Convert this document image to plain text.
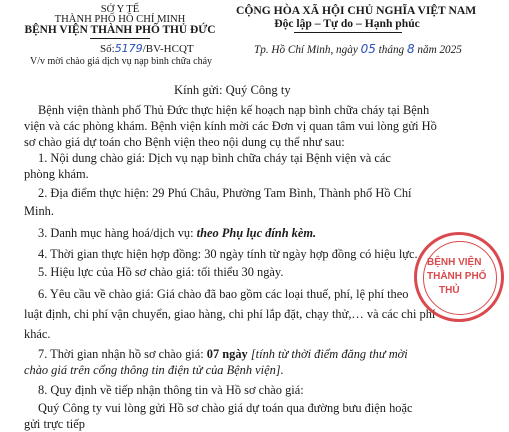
SỞ Y TẾ
THÀNH PHỐ HỒ CHÍ MINH
BỆNH VIỆN THÀNH PHỐ THỦ ĐỨC
Số:5179/BV-HCQT
V/v mời chào giá dịch vụ nạp bình chữa cháy
CỘNG HÒA XÃ HỘI CHỦ NGHĨA VIỆT NAM
Độc lập – Tự do – Hạnh phúc
Tp. Hồ Chí Minh, ngày 05 tháng 8 năm 2025
Kính gửi: Quý Công ty
Bệnh viện thành phố Thủ Đức thực hiện kế hoạch nạp bình chữa cháy tại Bệnh
viện và các phòng khám. Bệnh viện kính mời các Đơn vị quan tâm vui lòng gửi Hồ
sơ chào giá dự toán cho Bệnh viện theo nội dung cụ thể như sau:
1. Nội dung chào giá: Dịch vụ nạp bình chữa cháy tại Bệnh viện và các
phòng khám.
2. Địa điểm thực hiện: 29 Phú Châu, Phường Tam Bình, Thành phố Hồ Chí
Minh.
3. Danh mục hàng hoá/dịch vụ: theo Phụ lục đính kèm.
4. Thời gian thực hiện hợp đồng: 30 ngày tính từ ngày hợp đồng có hiệu lực.
5. Hiệu lực của Hồ sơ chào giá: tối thiểu 30 ngày.
6. Yêu cầu về chào giá: Giá chào đã bao gồm các loại thuế, phí, lệ phí theo
luật định, chi phí vận chuyển, giao hàng, chi phí lắp đặt, chạy thử,… và các chi phí
khác.
7. Thời gian nhận hồ sơ chào giá: 07 ngày [tính từ thời điểm đăng thư mời
chào giá trên cổng thông tin điện tử của Bệnh viện].
8. Quy định về tiếp nhận thông tin và Hồ sơ chào giá:
Quý Công ty vui lòng gửi Hồ sơ chào giá dự toán qua đường bưu điện hoặc
gửi trực tiếp
BỆNH VIỆN
THÀNH PHỐ
THỦ
